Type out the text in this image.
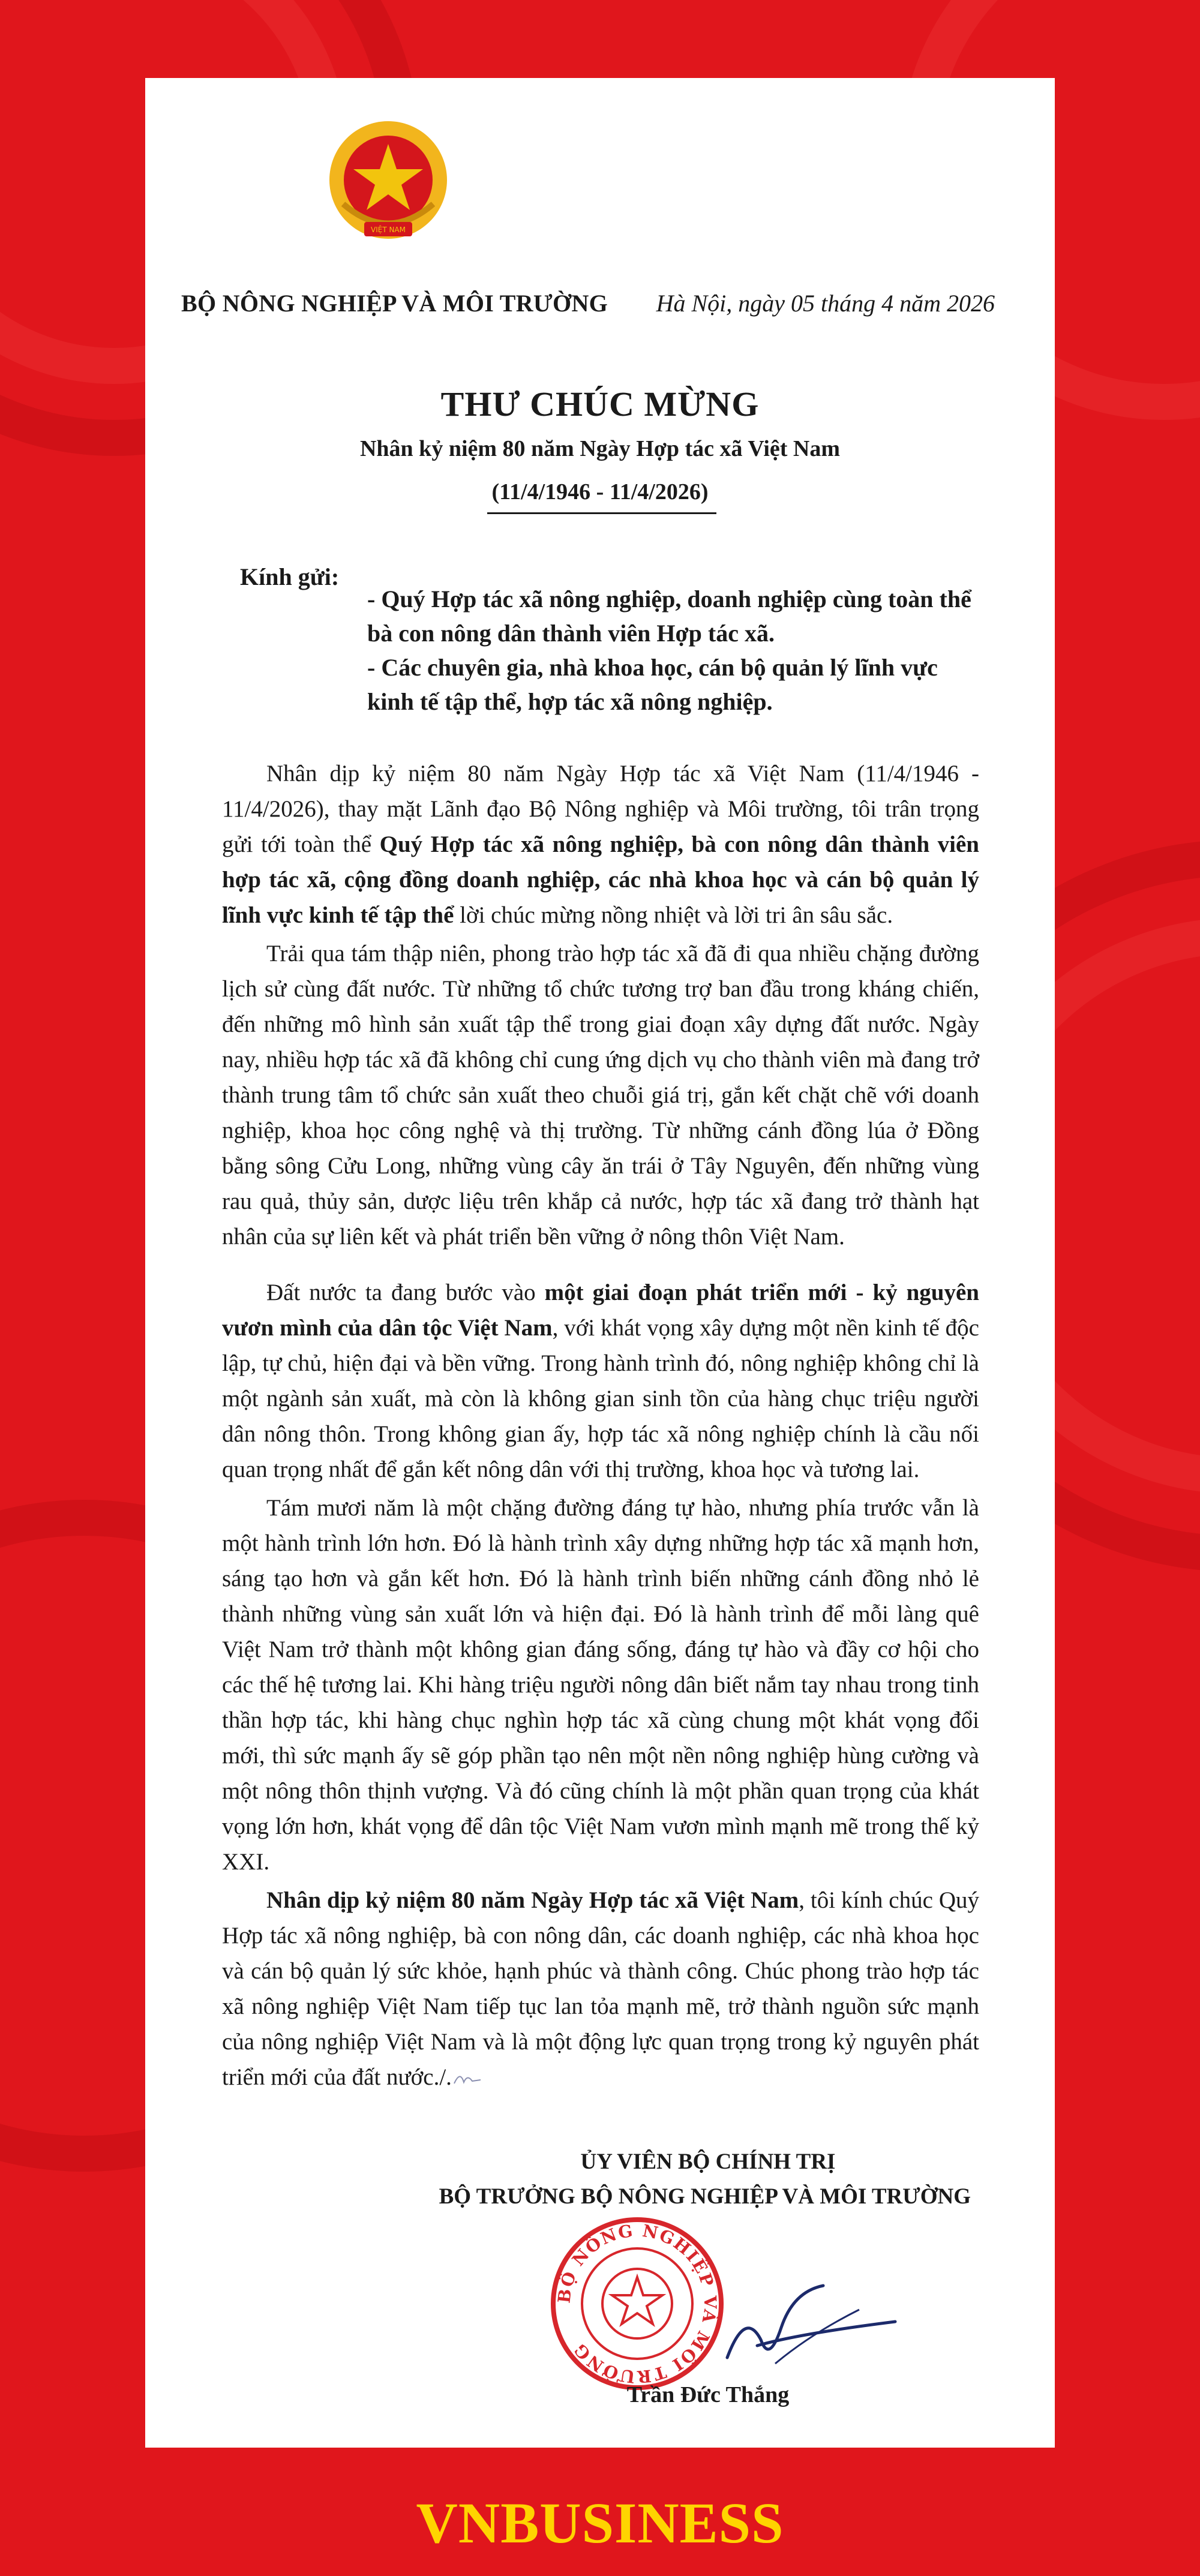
VIỆT NAM
BỘ NÔNG NGHIỆP VÀ MÔI TRƯỜNG Hà Nội, ngày 05 tháng 4 năm 2026
THƯ CHÚC MỪNG
Nhân kỷ niệm 80 năm Ngày Hợp tác xã Việt Nam
(11/4/1946 - 11/4/2026)
Kính gửi:

- Quý Hợp tác xã nông nghiệp, doanh nghiệp cùng toàn thể bà con nông dân thành viên Hợp tác xã.

- Các chuyên gia, nhà khoa học, cán bộ quản lý lĩnh vực kinh tế tập thể, hợp tác xã nông nghiệp.

Nhân dịp kỷ niệm 80 năm Ngày Hợp tác xã Việt Nam (11/4/1946 - 11/4/2026), thay mặt Lãnh đạo Bộ Nông nghiệp và Môi trường, tôi trân trọng gửi tới toàn thể Quý Hợp tác xã nông nghiệp, bà con nông dân thành viên hợp tác xã, cộng đồng doanh nghiệp, các nhà khoa học và cán bộ quản lý lĩnh vực kinh tế tập thể lời chúc mừng nồng nhiệt và lời tri ân sâu sắc.

Trải qua tám thập niên, phong trào hợp tác xã đã đi qua nhiều chặng đường lịch sử cùng đất nước. Từ những tổ chức tương trợ ban đầu trong kháng chiến, đến những mô hình sản xuất tập thể trong giai đoạn xây dựng đất nước. Ngày nay, nhiều hợp tác xã đã không chỉ cung ứng dịch vụ cho thành viên mà đang trở thành trung tâm tổ chức sản xuất theo chuỗi giá trị, gắn kết chặt chẽ với doanh nghiệp, khoa học công nghệ và thị trường. Từ những cánh đồng lúa ở Đồng bằng sông Cửu Long, những vùng cây ăn trái ở Tây Nguyên, đến những vùng rau quả, thủy sản, dược liệu trên khắp cả nước, hợp tác xã đang trở thành hạt nhân của sự liên kết và phát triển bền vững ở nông thôn Việt Nam.

Đất nước ta đang bước vào một giai đoạn phát triển mới - kỷ nguyên vươn mình của dân tộc Việt Nam, với khát vọng xây dựng một nền kinh tế độc lập, tự chủ, hiện đại và bền vững. Trong hành trình đó, nông nghiệp không chỉ là một ngành sản xuất, mà còn là không gian sinh tồn của hàng chục triệu người dân nông thôn. Trong không gian ấy, hợp tác xã nông nghiệp chính là cầu nối quan trọng nhất để gắn kết nông dân với thị trường, khoa học và tương lai.

Tám mươi năm là một chặng đường đáng tự hào, nhưng phía trước vẫn là một hành trình lớn hơn. Đó là hành trình xây dựng những hợp tác xã mạnh hơn, sáng tạo hơn và gắn kết hơn. Đó là hành trình biến những cánh đồng nhỏ lẻ thành những vùng sản xuất lớn và hiện đại. Đó là hành trình để mỗi làng quê Việt Nam trở thành một không gian đáng sống, đáng tự hào và đầy cơ hội cho các thế hệ tương lai. Khi hàng triệu người nông dân biết nắm tay nhau trong tinh thần hợp tác, khi hàng chục nghìn hợp tác xã cùng chung một khát vọng đổi mới, thì sức mạnh ấy sẽ góp phần tạo nên một nền nông nghiệp hùng cường và một nông thôn thịnh vượng. Và đó cũng chính là một phần quan trọng của khát vọng lớn hơn, khát vọng để dân tộc Việt Nam vươn mình mạnh mẽ trong thế kỷ XXI.

Nhân dịp kỷ niệm 80 năm Ngày Hợp tác xã Việt Nam, tôi kính chúc Quý Hợp tác xã nông nghiệp, bà con nông dân, các doanh nghiệp, các nhà khoa học và cán bộ quản lý sức khỏe, hạnh phúc và thành công. Chúc phong trào hợp tác xã nông nghiệp Việt Nam tiếp tục lan tỏa mạnh mẽ, trở thành nguồn sức mạnh của nông nghiệp Việt Nam và là một động lực quan trọng trong kỷ nguyên phát triển mới của đất nước./.

ỦY VIÊN BỘ CHÍNH TRỊ
BỘ TRƯỞNG BỘ NÔNG NGHIỆP VÀ MÔI TRƯỜNG
BỘ NÔNG NGHIỆP VÀ MÔI TRƯỜNG
Trần Đức Thắng
VNBUSINESS
